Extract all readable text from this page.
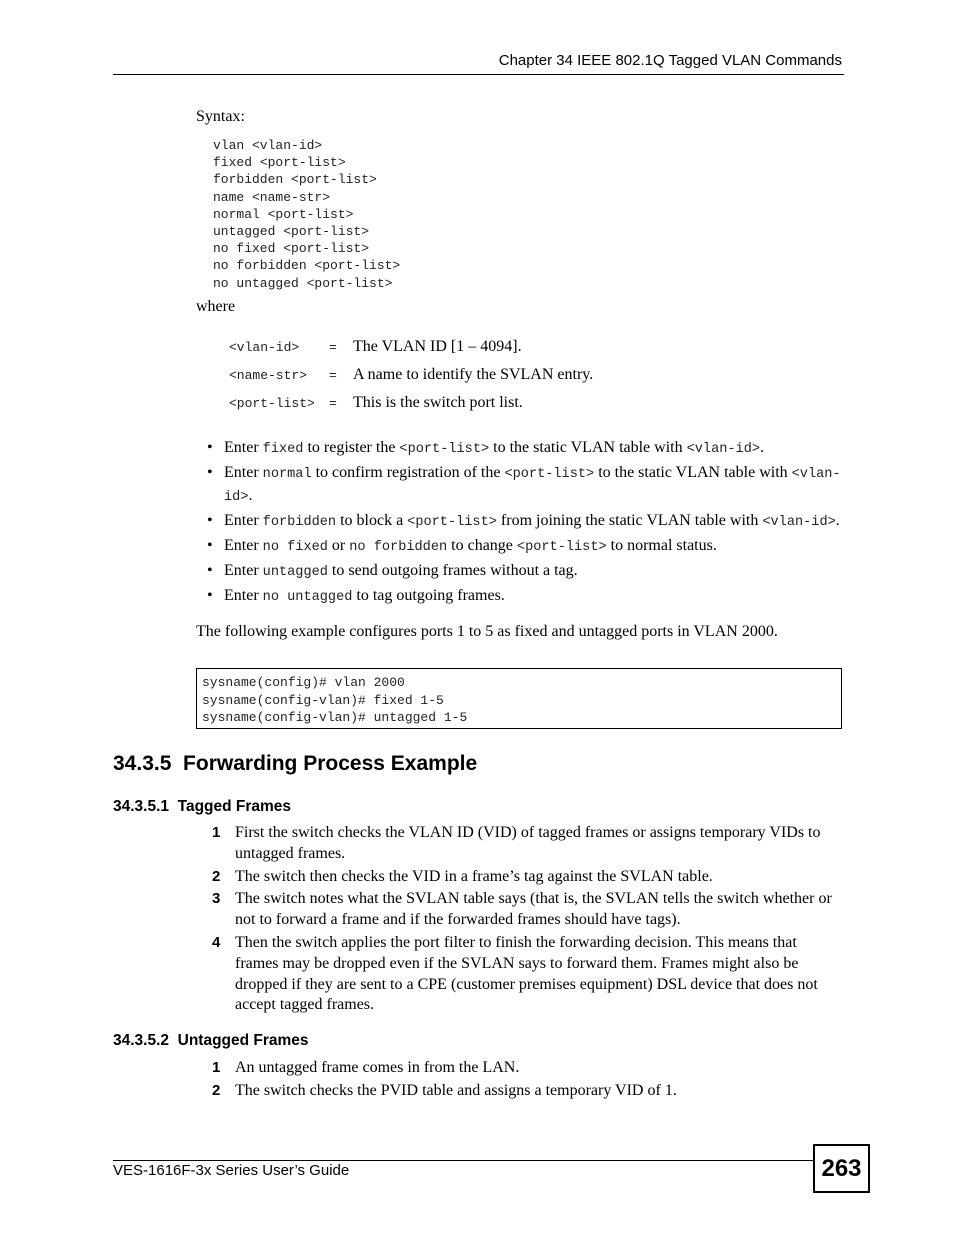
Chapter 34 IEEE 802.1Q Tagged VLAN Commands
Syntax:
vlan <vlan-id>
fixed <port-list>
forbidden <port-list>
name <name-str>
normal <port-list>
untagged <port-list>
no fixed <port-list>
no forbidden <port-list>
no untagged <port-list>
where
<vlan-id> = The VLAN ID [1 – 4094].
<name-str> = A name to identify the SVLAN entry.
<port-list> = This is the switch port list.
• Enter fixed to register the <port-list> to the static VLAN table with <vlan-id>.
• Enter normal to confirm registration of the <port-list> to the static VLAN table with <vlan-id>.
• Enter forbidden to block a <port-list> from joining the static VLAN table with <vlan-id>.
• Enter no fixed or no forbidden to change <port-list> to normal status.
• Enter untagged to send outgoing frames without a tag.
• Enter no untagged to tag outgoing frames.
The following example configures ports 1 to 5 as fixed and untagged ports in VLAN 2000.
sysname(config)# vlan 2000
sysname(config-vlan)# fixed 1-5
sysname(config-vlan)# untagged 1-5
34.3.5  Forwarding Process Example
34.3.5.1  Tagged Frames
1 First the switch checks the VLAN ID (VID) of tagged frames or assigns temporary VIDs to untagged frames.
2 The switch then checks the VID in a frame’s tag against the SVLAN table.
3 The switch notes what the SVLAN table says (that is, the SVLAN tells the switch whether or not to forward a frame and if the forwarded frames should have tags).
4 Then the switch applies the port filter to finish the forwarding decision. This means that frames may be dropped even if the SVLAN says to forward them. Frames might also be dropped if they are sent to a CPE (customer premises equipment) DSL device that does not accept tagged frames.
34.3.5.2  Untagged Frames
1 An untagged frame comes in from the LAN.
2 The switch checks the PVID table and assigns a temporary VID of 1.
VES-1616F-3x Series User’s Guide	263
